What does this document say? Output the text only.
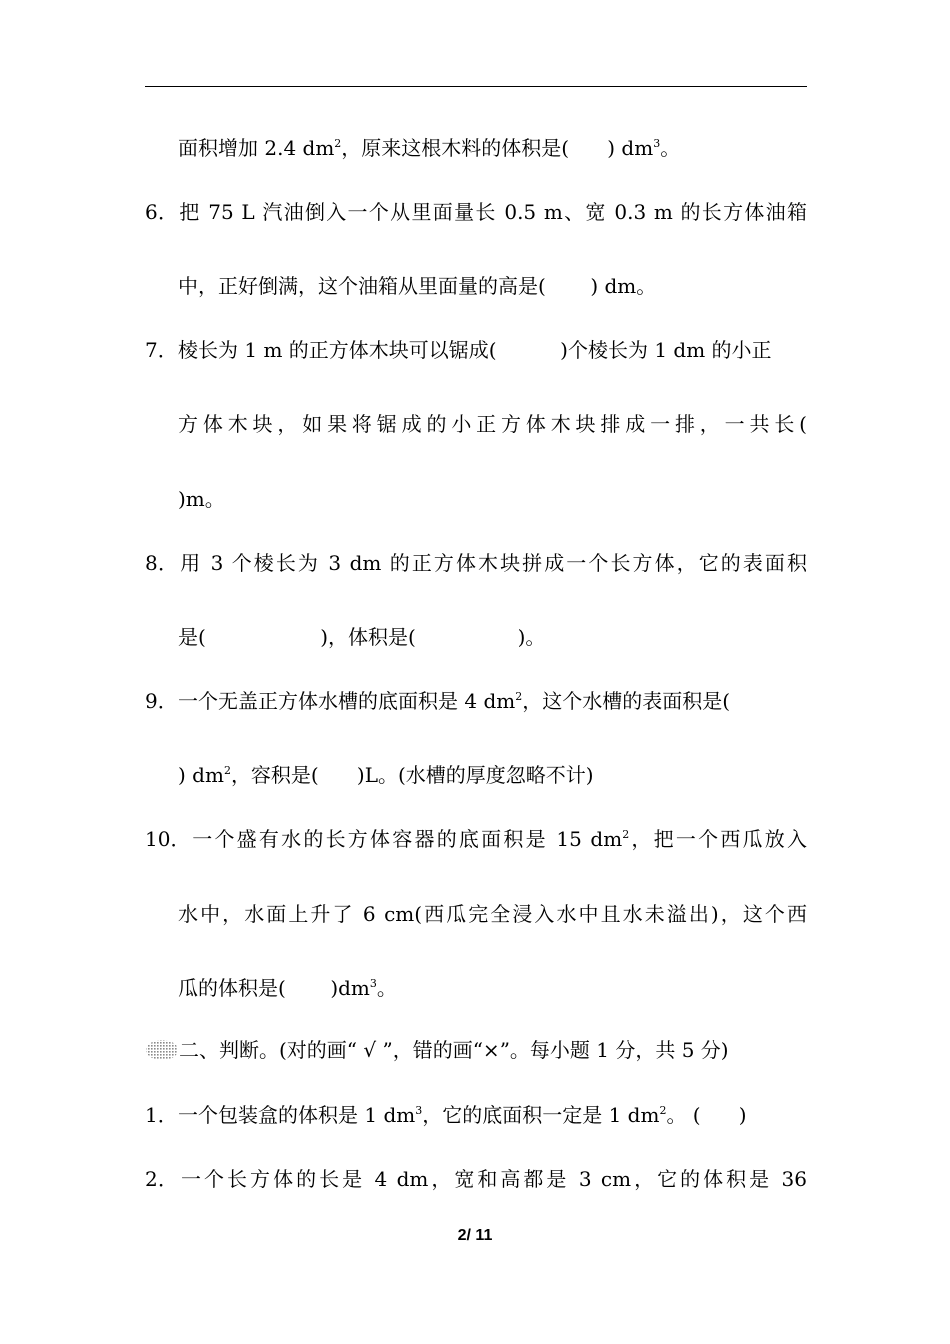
面积增加 2.4 $dm^2$，原来这根木料的体积是( ) $dm^3$。
6．把 75 L 汽油倒入一个从里面量长 0.5 m、宽 0.3 m 的长方体油箱
中，正好倒满，这个油箱从里面量的高是( ) dm。
7．棱长为 1 m 的正方体木块可以锯成(	)个棱长为 1 dm 的小正
方体木块，如果将锯成的小正方体木块排成一排，一共长(
)m。
8．用 3 个棱长为 3 dm 的正方体木块拼成一个长方体，它的表面积
是(	)，体积是(	)。
9．一个无盖正方体水槽的底面积是 4 $dm^2$，这个水槽的表面积是(
) $dm^2$，容积是( )L。(水槽的厚度忽略不计)
10．一个盛有水的长方体容器的底面积是 15 $dm^2$，把一个西瓜放入
水中，水面上升了 6 cm(西瓜完全浸入水中且水未溢出)，这个西
瓜的体积是( )$dm^3$。
二、判断。(对的画“ √ ”，错的画“×”。每小题 1 分，共 5 分)
1．一个包装盒的体积是 1 $dm^3$，它的底面积一定是 1 $dm^2$。 ( )
2．一个长方体的长是 4 dm，宽和高都是 3 cm，它的体积是 36
2/ 11
